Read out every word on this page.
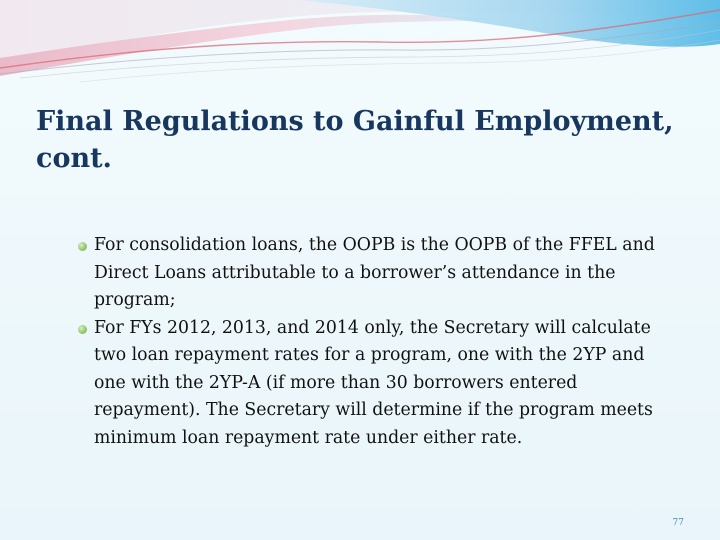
Final Regulations to Gainful Employment, cont.
For consolidation loans, the OOPB is the OOPB of the FFEL and Direct Loans attributable to a borrower’s attendance in the program;
For FYs 2012, 2013, and 2014 only, the Secretary will calculate two loan repayment rates for a program, one with the 2YP and one with the 2YP-A (if more than 30 borrowers entered repayment). The Secretary will determine if the program meets minimum loan repayment rate under either rate.
77
